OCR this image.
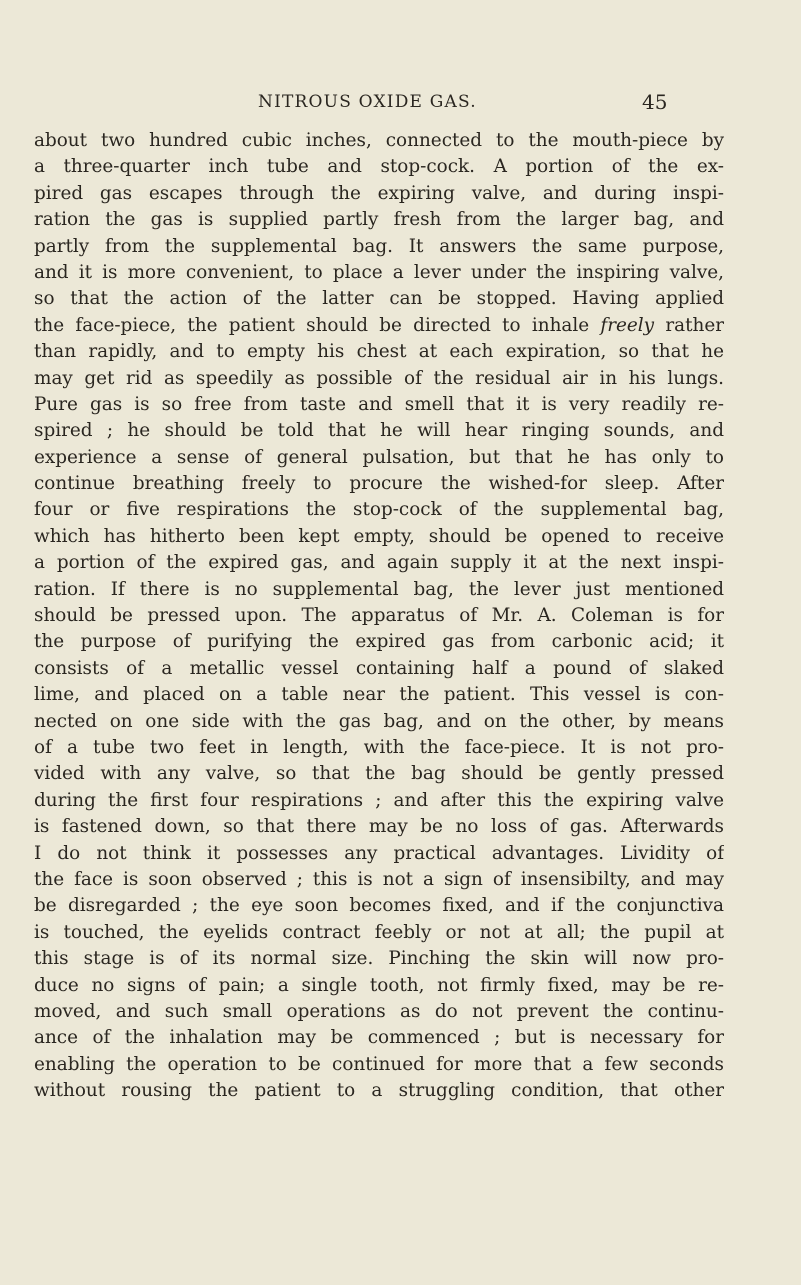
NITROUS OXIDE GAS.	45
about two hundred cubic inches, connected to the mouth-piece by
a three-quarter inch tube and stop-cock. A portion of the ex-
pired gas escapes through the expiring valve, and during inspi-
ration the gas is supplied partly fresh from the larger bag, and
partly from the supplemental bag. It answers the same purpose,
and it is more convenient, to place a lever under the inspiring valve,
so that the action of the latter can be stopped. Having applied
the face-piece, the patient should be directed to inhale freely rather
than rapidly, and to empty his chest at each expiration, so that he
may get rid as speedily as possible of the residual air in his lungs.
Pure gas is so free from taste and smell that it is very readily re-
spired ; he should be told that he will hear ringing sounds, and
experience a sense of general pulsation, but that he has only to
continue breathing freely to procure the wished-for sleep. After
four or five respirations the stop-cock of the supplemental bag,
which has hitherto been kept empty, should be opened to receive
a portion of the expired gas, and again supply it at the next inspi-
ration. If there is no supplemental bag, the lever just mentioned
should be pressed upon. The apparatus of Mr. A. Coleman is for
the purpose of purifying the expired gas from carbonic acid; it
consists of a metallic vessel containing half a pound of slaked
lime, and placed on a table near the patient. This vessel is con-
nected on one side with the gas bag, and on the other, by means
of a tube two feet in length, with the face-piece. It is not pro-
vided with any valve, so that the bag should be gently pressed
during the first four respirations ; and after this the expiring valve
is fastened down, so that there may be no loss of gas. Afterwards
I do not think it possesses any practical advantages. Lividity of
the face is soon observed ; this is not a sign of insensibilty, and may
be disregarded ; the eye soon becomes fixed, and if the conjunctiva
is touched, the eyelids contract feebly or not at all; the pupil at
this stage is of its normal size. Pinching the skin will now pro-
duce no signs of pain; a single tooth, not firmly fixed, may be re-
moved, and such small operations as do not prevent the continu-
ance of the inhalation may be commenced ; but is necessary for
enabling the operation to be continued for more that a few seconds
without rousing the patient to a struggling condition, that other
